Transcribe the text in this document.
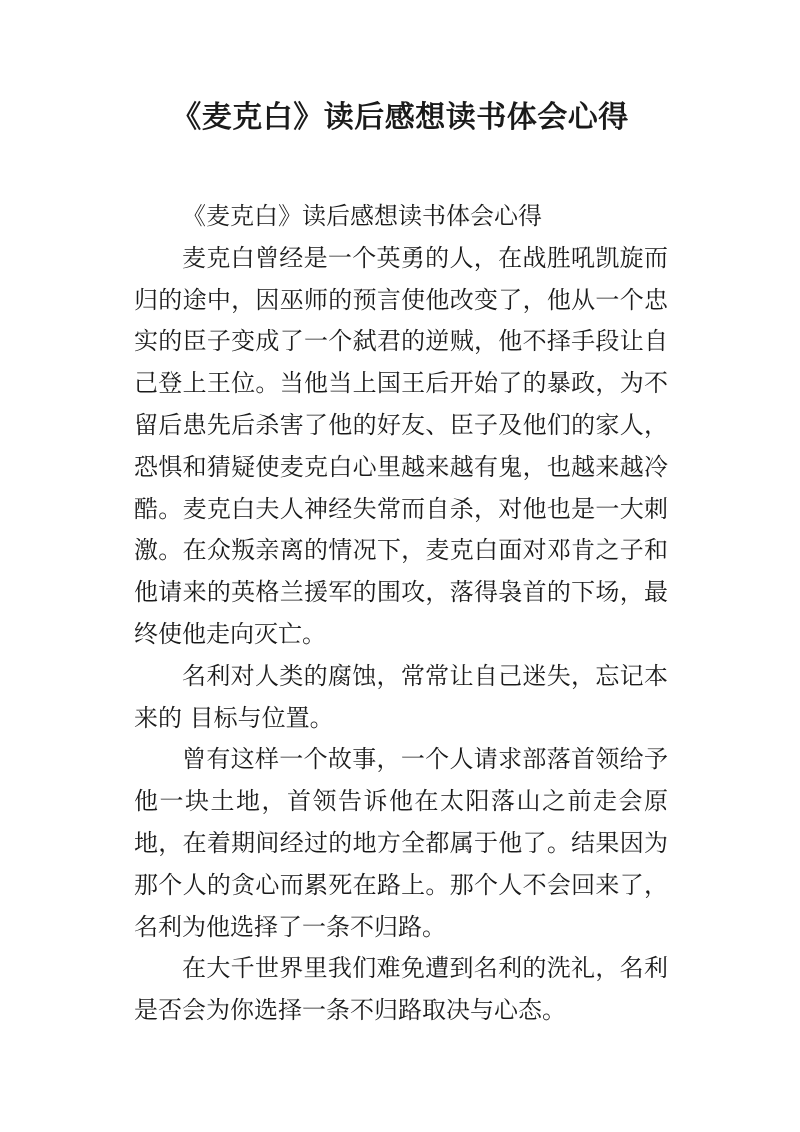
《麦克白》读后感想读书体会心得

《麦克白》读后感想读书体会心得

麦克白曾经是一个英勇的人，在战胜吼凯旋而归的途中，因巫师的预言使他改变了，他从一个忠实的臣子变成了一个弑君的逆贼，他不择手段让自己登上王位。当他当上国王后开始了的暴政，为不留后患先后杀害了他的好友、臣子及他们的家人，恐惧和猜疑使麦克白心里越来越有鬼，也越来越冷酷。麦克白夫人神经失常而自杀，对他也是一大刺激。在众叛亲离的情况下，麦克白面对邓肯之子和他请来的英格兰援军的围攻，落得袅首的下场，最终使他走向灭亡。

名利对人类的腐蚀，常常让自己迷失，忘记本来的 目标与位置。

曾有这样一个故事，一个人请求部落首领给予他一块土地，首领告诉他在太阳落山之前走会原地，在着期间经过的地方全都属于他了。结果因为那个人的贪心而累死在路上。那个人不会回来了，名利为他选择了一条不归路。

在大千世界里我们难免遭到名利的洗礼，名利是否会为你选择一条不归路取决与心态。
